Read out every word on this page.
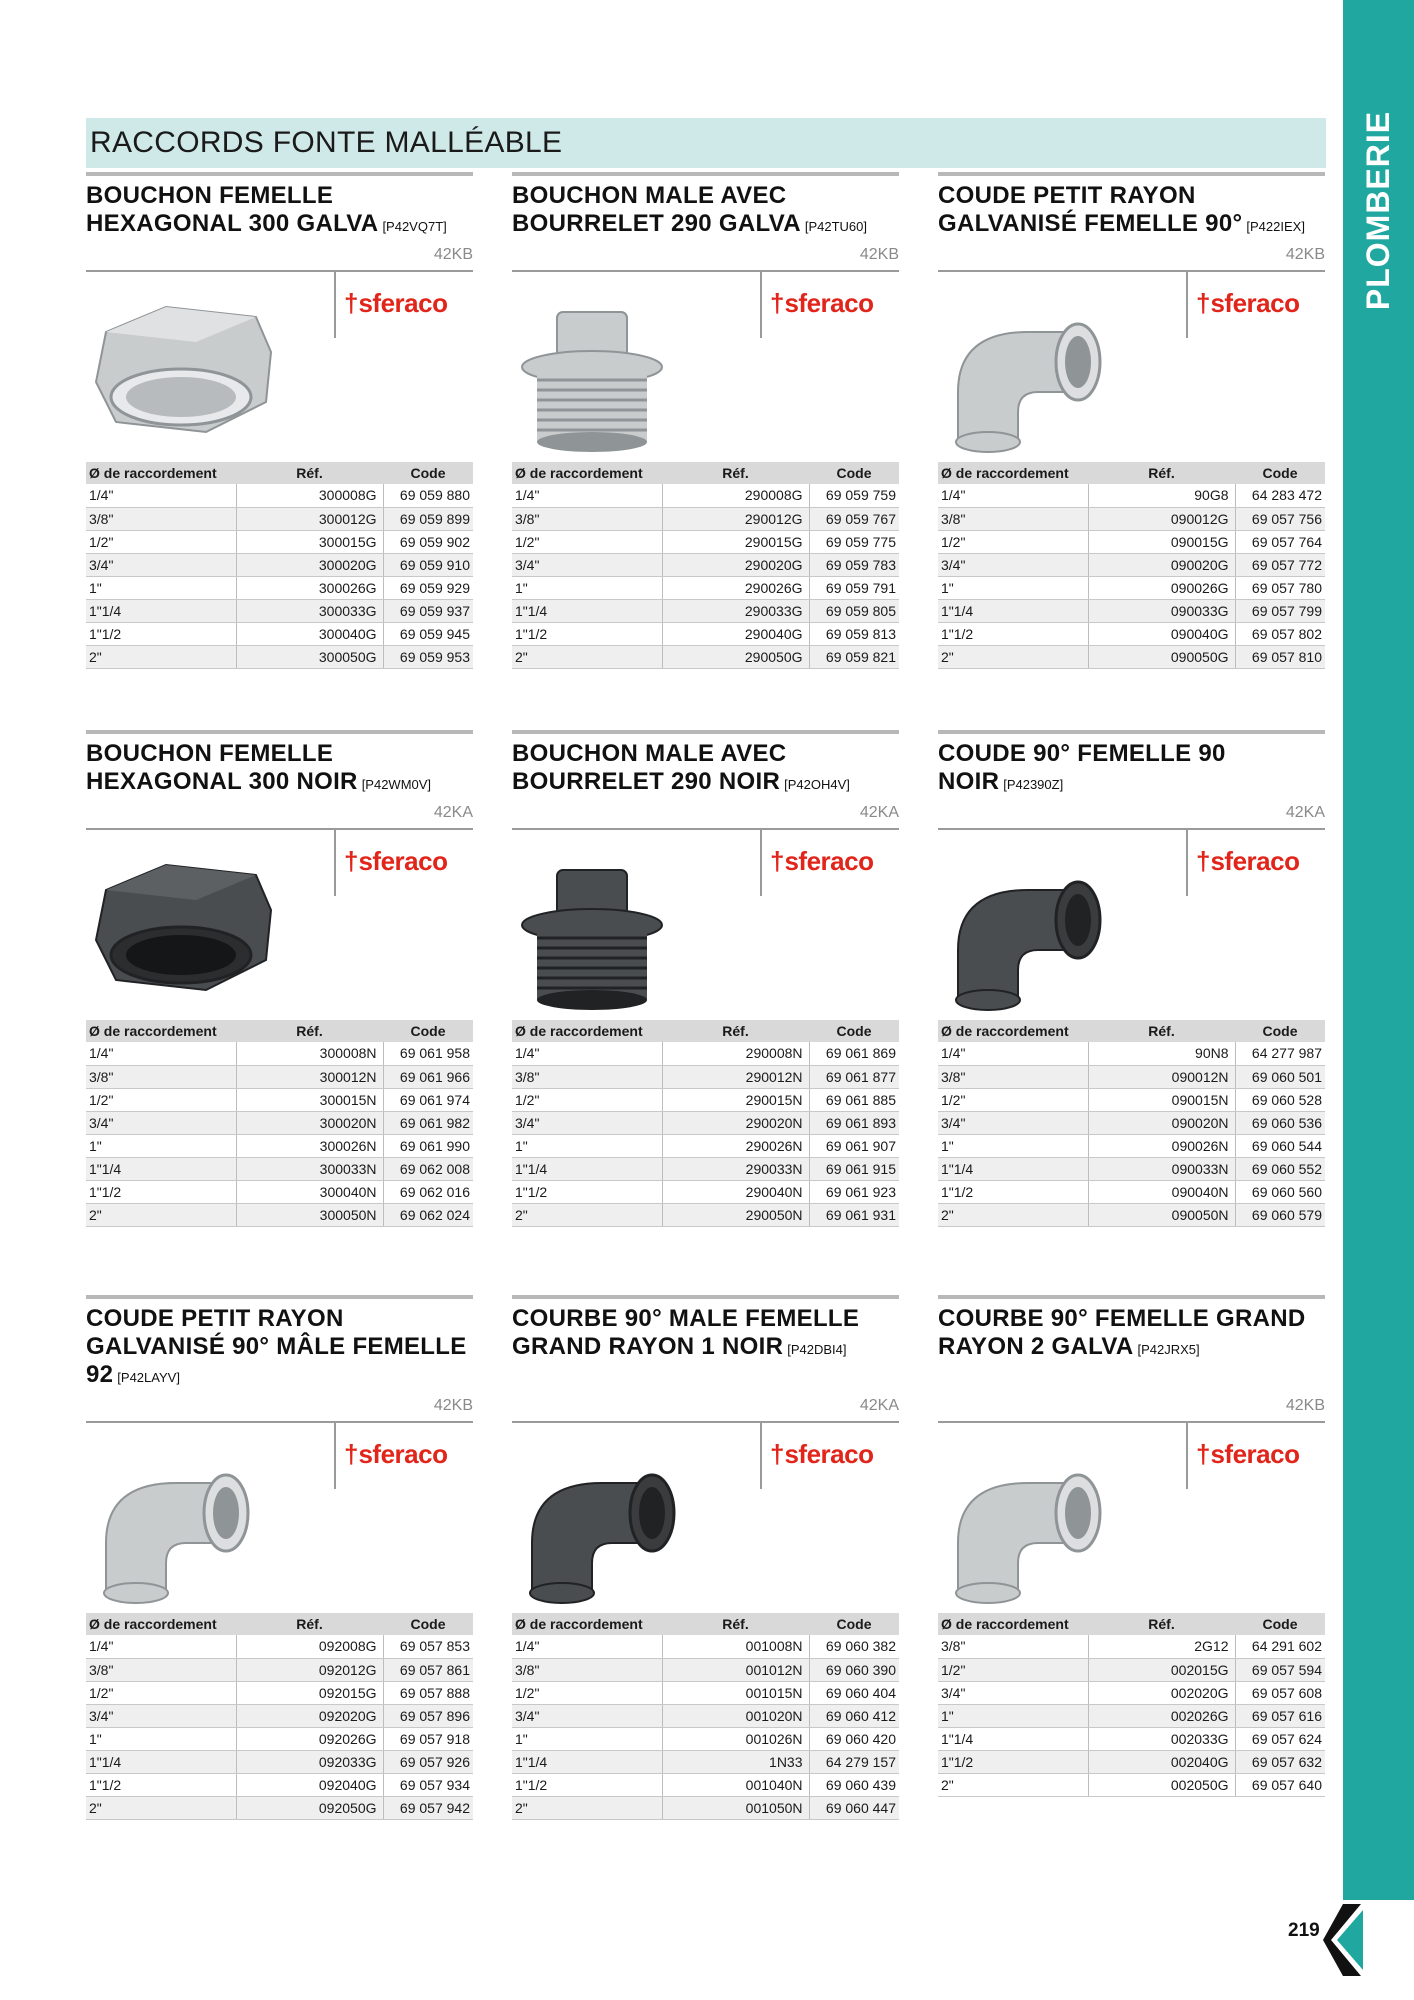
PLOMBERIE
RACCORDS FONTE MALLÉABLE
BOUCHON FEMELLE HEXAGONAL 300 GALVA [P42VQ7T]
42KB
† sferaco
Ø de raccordement	Réf.	Code
1/4"	300008G	69 059 880
3/8"	300012G	69 059 899
1/2"	300015G	69 059 902
3/4"	300020G	69 059 910
1"	300026G	69 059 929
1"1/4	300033G	69 059 937
1"1/2	300040G	69 059 945
2"	300050G	69 059 953
BOUCHON MALE AVEC BOURRELET 290 GALVA [P42TU60]
42KB
† sferaco
Ø de raccordement	Réf.	Code
1/4"	290008G	69 059 759
3/8"	290012G	69 059 767
1/2"	290015G	69 059 775
3/4"	290020G	69 059 783
1"	290026G	69 059 791
1"1/4	290033G	69 059 805
1"1/2	290040G	69 059 813
2"	290050G	69 059 821
COUDE PETIT RAYON GALVANISÉ FEMELLE 90° [P422IEX]
42KB
† sferaco
Ø de raccordement	Réf.	Code
1/4"	90G8	64 283 472
3/8"	090012G	69 057 756
1/2"	090015G	69 057 764
3/4"	090020G	69 057 772
1"	090026G	69 057 780
1"1/4	090033G	69 057 799
1"1/2	090040G	69 057 802
2"	090050G	69 057 810
BOUCHON FEMELLE HEXAGONAL 300 NOIR [P42WM0V]
42KA
† sferaco
Ø de raccordement	Réf.	Code
1/4"	300008N	69 061 958
3/8"	300012N	69 061 966
1/2"	300015N	69 061 974
3/4"	300020N	69 061 982
1"	300026N	69 061 990
1"1/4	300033N	69 062 008
1"1/2	300040N	69 062 016
2"	300050N	69 062 024
BOUCHON MALE AVEC BOURRELET 290 NOIR [P42OH4V]
42KA
† sferaco
Ø de raccordement	Réf.	Code
1/4"	290008N	69 061 869
3/8"	290012N	69 061 877
1/2"	290015N	69 061 885
3/4"	290020N	69 061 893
1"	290026N	69 061 907
1"1/4	290033N	69 061 915
1"1/2	290040N	69 061 923
2"	290050N	69 061 931
COUDE 90° FEMELLE 90 NOIR [P42390Z]
42KA
† sferaco
Ø de raccordement	Réf.	Code
1/4"	90N8	64 277 987
3/8"	090012N	69 060 501
1/2"	090015N	69 060 528
3/4"	090020N	69 060 536
1"	090026N	69 060 544
1"1/4	090033N	69 060 552
1"1/2	090040N	69 060 560
2"	090050N	69 060 579
COUDE PETIT RAYON GALVANISÉ 90° MÂLE FEMELLE 92 [P42LAYV]
42KB
† sferaco
Ø de raccordement	Réf.	Code
1/4"	092008G	69 057 853
3/8"	092012G	69 057 861
1/2"	092015G	69 057 888
3/4"	092020G	69 057 896
1"	092026G	69 057 918
1"1/4	092033G	69 057 926
1"1/2	092040G	69 057 934
2"	092050G	69 057 942
COURBE 90° MALE FEMELLE GRAND RAYON 1 NOIR [P42DBI4]
42KA
† sferaco
Ø de raccordement	Réf.	Code
1/4"	001008N	69 060 382
3/8"	001012N	69 060 390
1/2"	001015N	69 060 404
3/4"	001020N	69 060 412
1"	001026N	69 060 420
1"1/4	1N33	64 279 157
1"1/2	001040N	69 060 439
2"	001050N	69 060 447
COURBE 90° FEMELLE GRAND RAYON 2 GALVA [P42JRX5]
42KB
† sferaco
Ø de raccordement	Réf.	Code
3/8"	2G12	64 291 602
1/2"	002015G	69 057 594
3/4"	002020G	69 057 608
1"	002026G	69 057 616
1"1/4	002033G	69 057 624
1"1/2	002040G	69 057 632
2"	002050G	69 057 640
219
